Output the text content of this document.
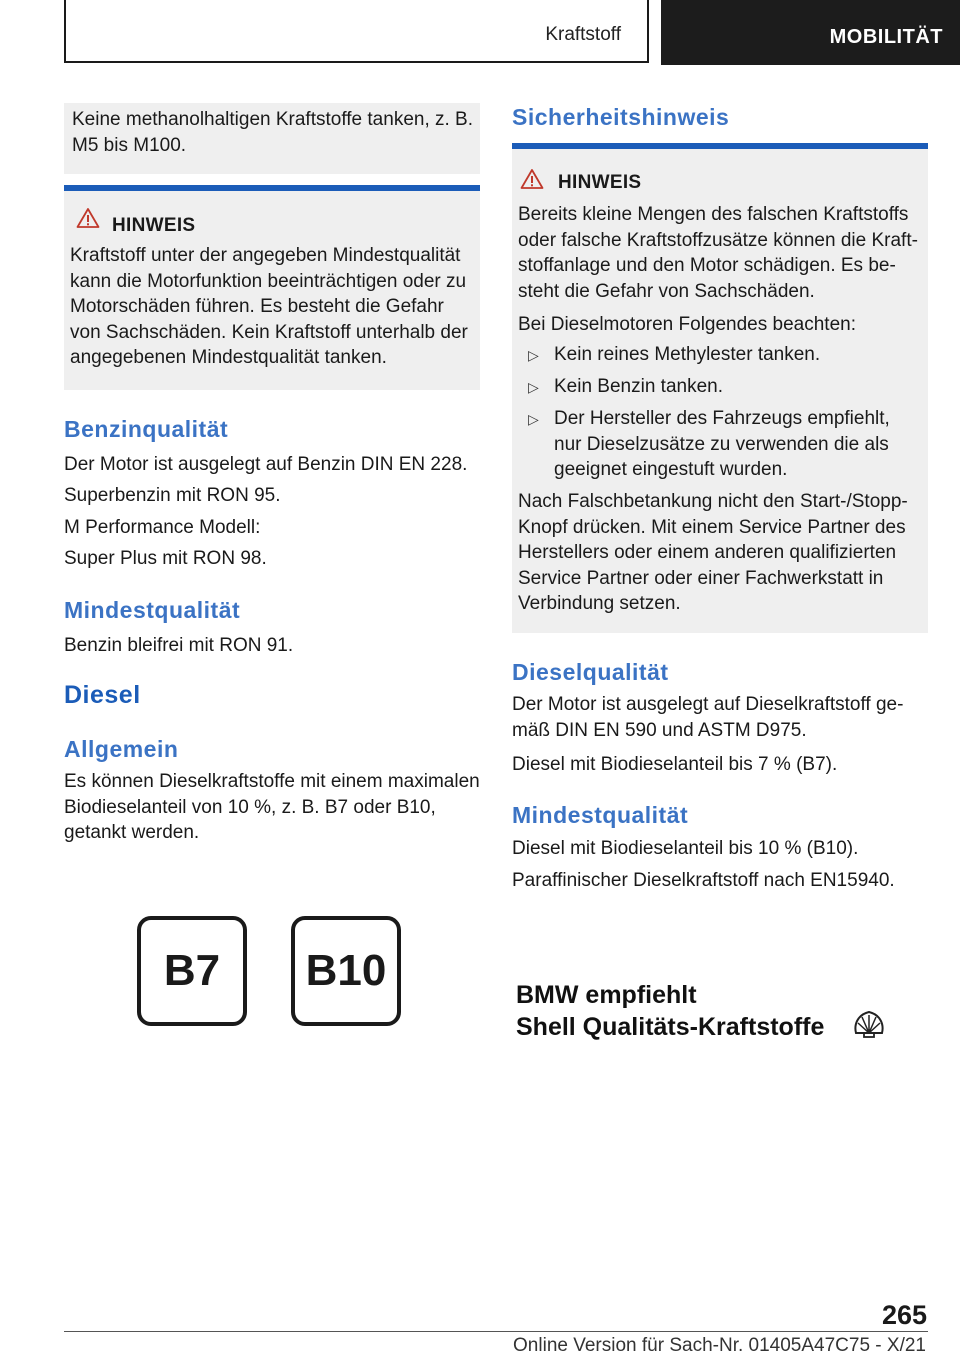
Kraftstoff	MOBILITÄT

Keine methanolhaltigen Kraftstoffe tanken, z. B. M5 bis M100.

HINWEIS

Kraftstoff unter der angegeben Mindestqualität kann die Motorfunktion beeinträchtigen oder zu Motorschäden führen. Es besteht die Gefahr von Sachschäden. Kein Kraftstoff unterhalb der angegebenen Mindestqualität tanken.

Benzinqualität

Der Motor ist ausgelegt auf Benzin DIN EN 228.

Superbenzin mit RON 95.

M Performance Modell:

Super Plus mit RON 98.

Mindestqualität

Benzin bleifrei mit RON 91.

Diesel
Allgemein

Es können Dieselkraftstoffe mit einem maximalen Biodieselanteil von 10 %, z. B. B7 oder B10, getankt werden.

B7	B10
Sicherheitshinweis
HINWEIS

Bereits kleine Mengen des falschen Kraftstoffs oder falsche Kraftstoffzusätze können die Kraftstoffanlage und den Motor schädigen. Es besteht die Gefahr von Sachschäden.

Bei Dieselmotoren Folgendes beachten:

▷ Kein reines Methylester tanken.

▷ Kein Benzin tanken.

▷ Der Hersteller des Fahrzeugs empfiehlt, nur Dieselzusätze zu verwenden die als geeignet eingestuft wurden.

Nach Falschbetankung nicht den Start-/Stopp-Knopf drücken. Mit einem Service Partner des Herstellers oder einem anderen qualifizierten Service Partner oder einer Fachwerkstatt in Verbindung setzen.

Dieselqualität

Der Motor ist ausgelegt auf Dieselkraftstoff gemäß DIN EN 590 und ASTM D975.

Diesel mit Biodieselanteil bis 7 % (B7).

Mindestqualität

Diesel mit Biodieselanteil bis 10 % (B10).

Paraffinischer Dieselkraftstoff nach EN15940.

BMW empfiehlt
Shell Qualitäts-Kraftstoffe
265
Online Version für Sach-Nr. 01405A47C75 - X/21
